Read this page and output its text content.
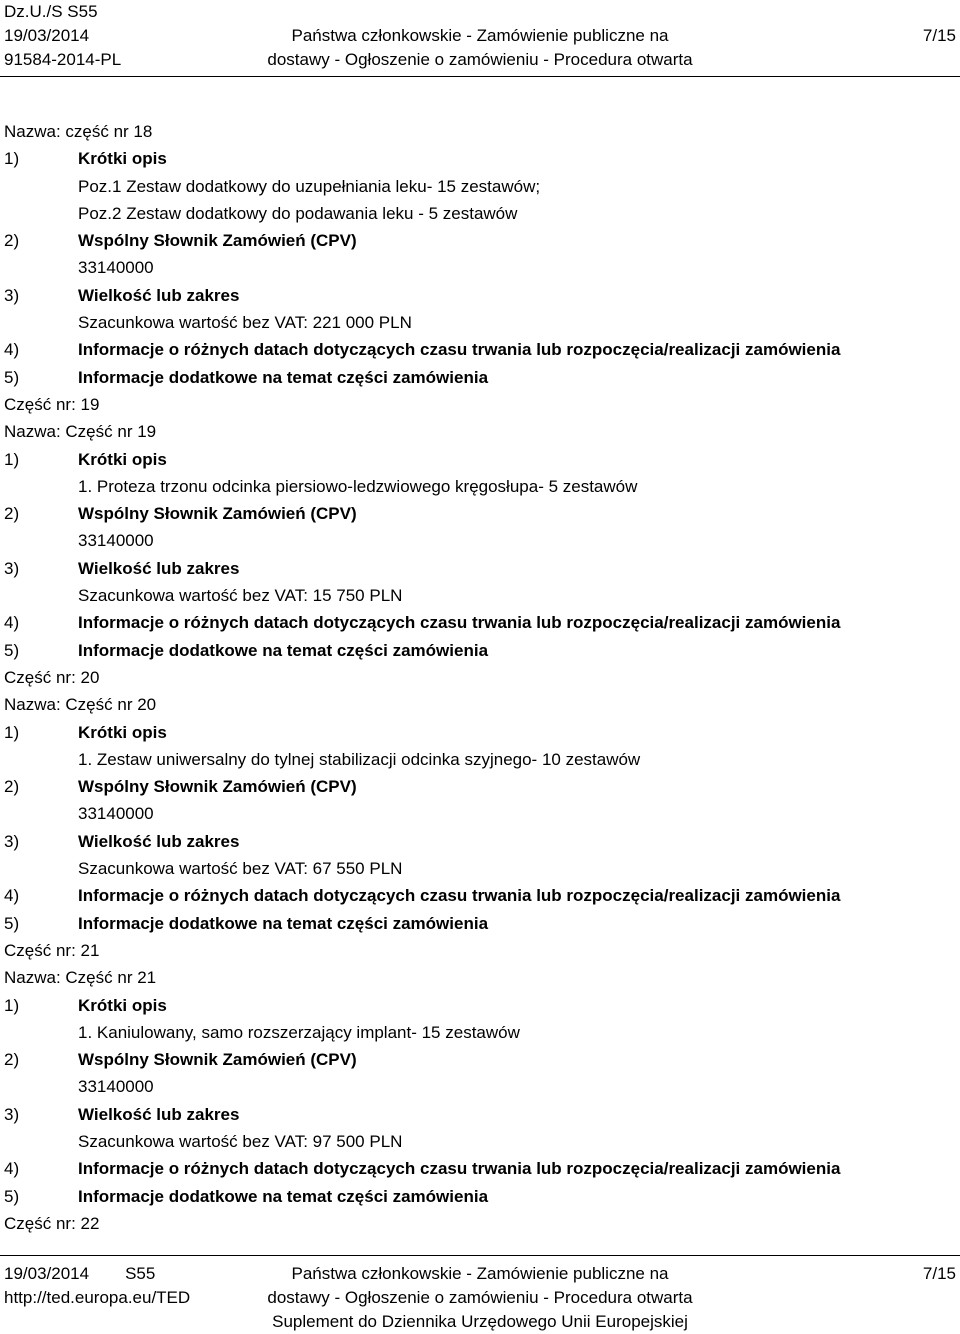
Dz.U./S S55
19/03/2014
91584-2014-PL
Państwa członkowskie - Zamówienie publiczne na
dostawy - Ogłoszenie o zamówieniu - Procedura otwarta
7/15
Nazwa: część nr 18
1)	Krótki opis
Poz.1 Zestaw dodatkowy do uzupełniania leku- 15 zestawów;
Poz.2 Zestaw dodatkowy do podawania leku - 5 zestawów
2)	Wspólny Słownik Zamówień (CPV)
33140000
3)	Wielkość lub zakres
Szacunkowa wartość bez VAT: 221 000 PLN
4)	Informacje o różnych datach dotyczących czasu trwania lub rozpoczęcia/realizacji zamówienia
5)	Informacje dodatkowe na temat części zamówienia
Część nr: 19
Nazwa: Część nr 19
1)	Krótki opis
1. Proteza trzonu odcinka piersiowo-ledzwiowego kręgosłupa- 5 zestawów
2)	Wspólny Słownik Zamówień (CPV)
33140000
3)	Wielkość lub zakres
Szacunkowa wartość bez VAT: 15 750 PLN
4)	Informacje o różnych datach dotyczących czasu trwania lub rozpoczęcia/realizacji zamówienia
5)	Informacje dodatkowe na temat części zamówienia
Część nr: 20
Nazwa: Część nr 20
1)	Krótki opis
1. Zestaw uniwersalny do tylnej stabilizacji odcinka szyjnego- 10 zestawów
2)	Wspólny Słownik Zamówień (CPV)
33140000
3)	Wielkość lub zakres
Szacunkowa wartość bez VAT: 67 550 PLN
4)	Informacje o różnych datach dotyczących czasu trwania lub rozpoczęcia/realizacji zamówienia
5)	Informacje dodatkowe na temat części zamówienia
Część nr: 21
Nazwa: Część nr 21
1)	Krótki opis
1. Kaniulowany, samo rozszerzający implant- 15 zestawów
2)	Wspólny Słownik Zamówień (CPV)
33140000
3)	Wielkość lub zakres
Szacunkowa wartość bez VAT: 97 500 PLN
4)	Informacje o różnych datach dotyczących czasu trwania lub rozpoczęcia/realizacji zamówienia
5)	Informacje dodatkowe na temat części zamówienia
Część nr: 22
19/03/2014 S55
http://ted.europa.eu/TED
Państwa członkowskie - Zamówienie publiczne na
dostawy - Ogłoszenie o zamówieniu - Procedura otwarta
Suplement do Dziennika Urzędowego Unii Europejskiej
7/15
